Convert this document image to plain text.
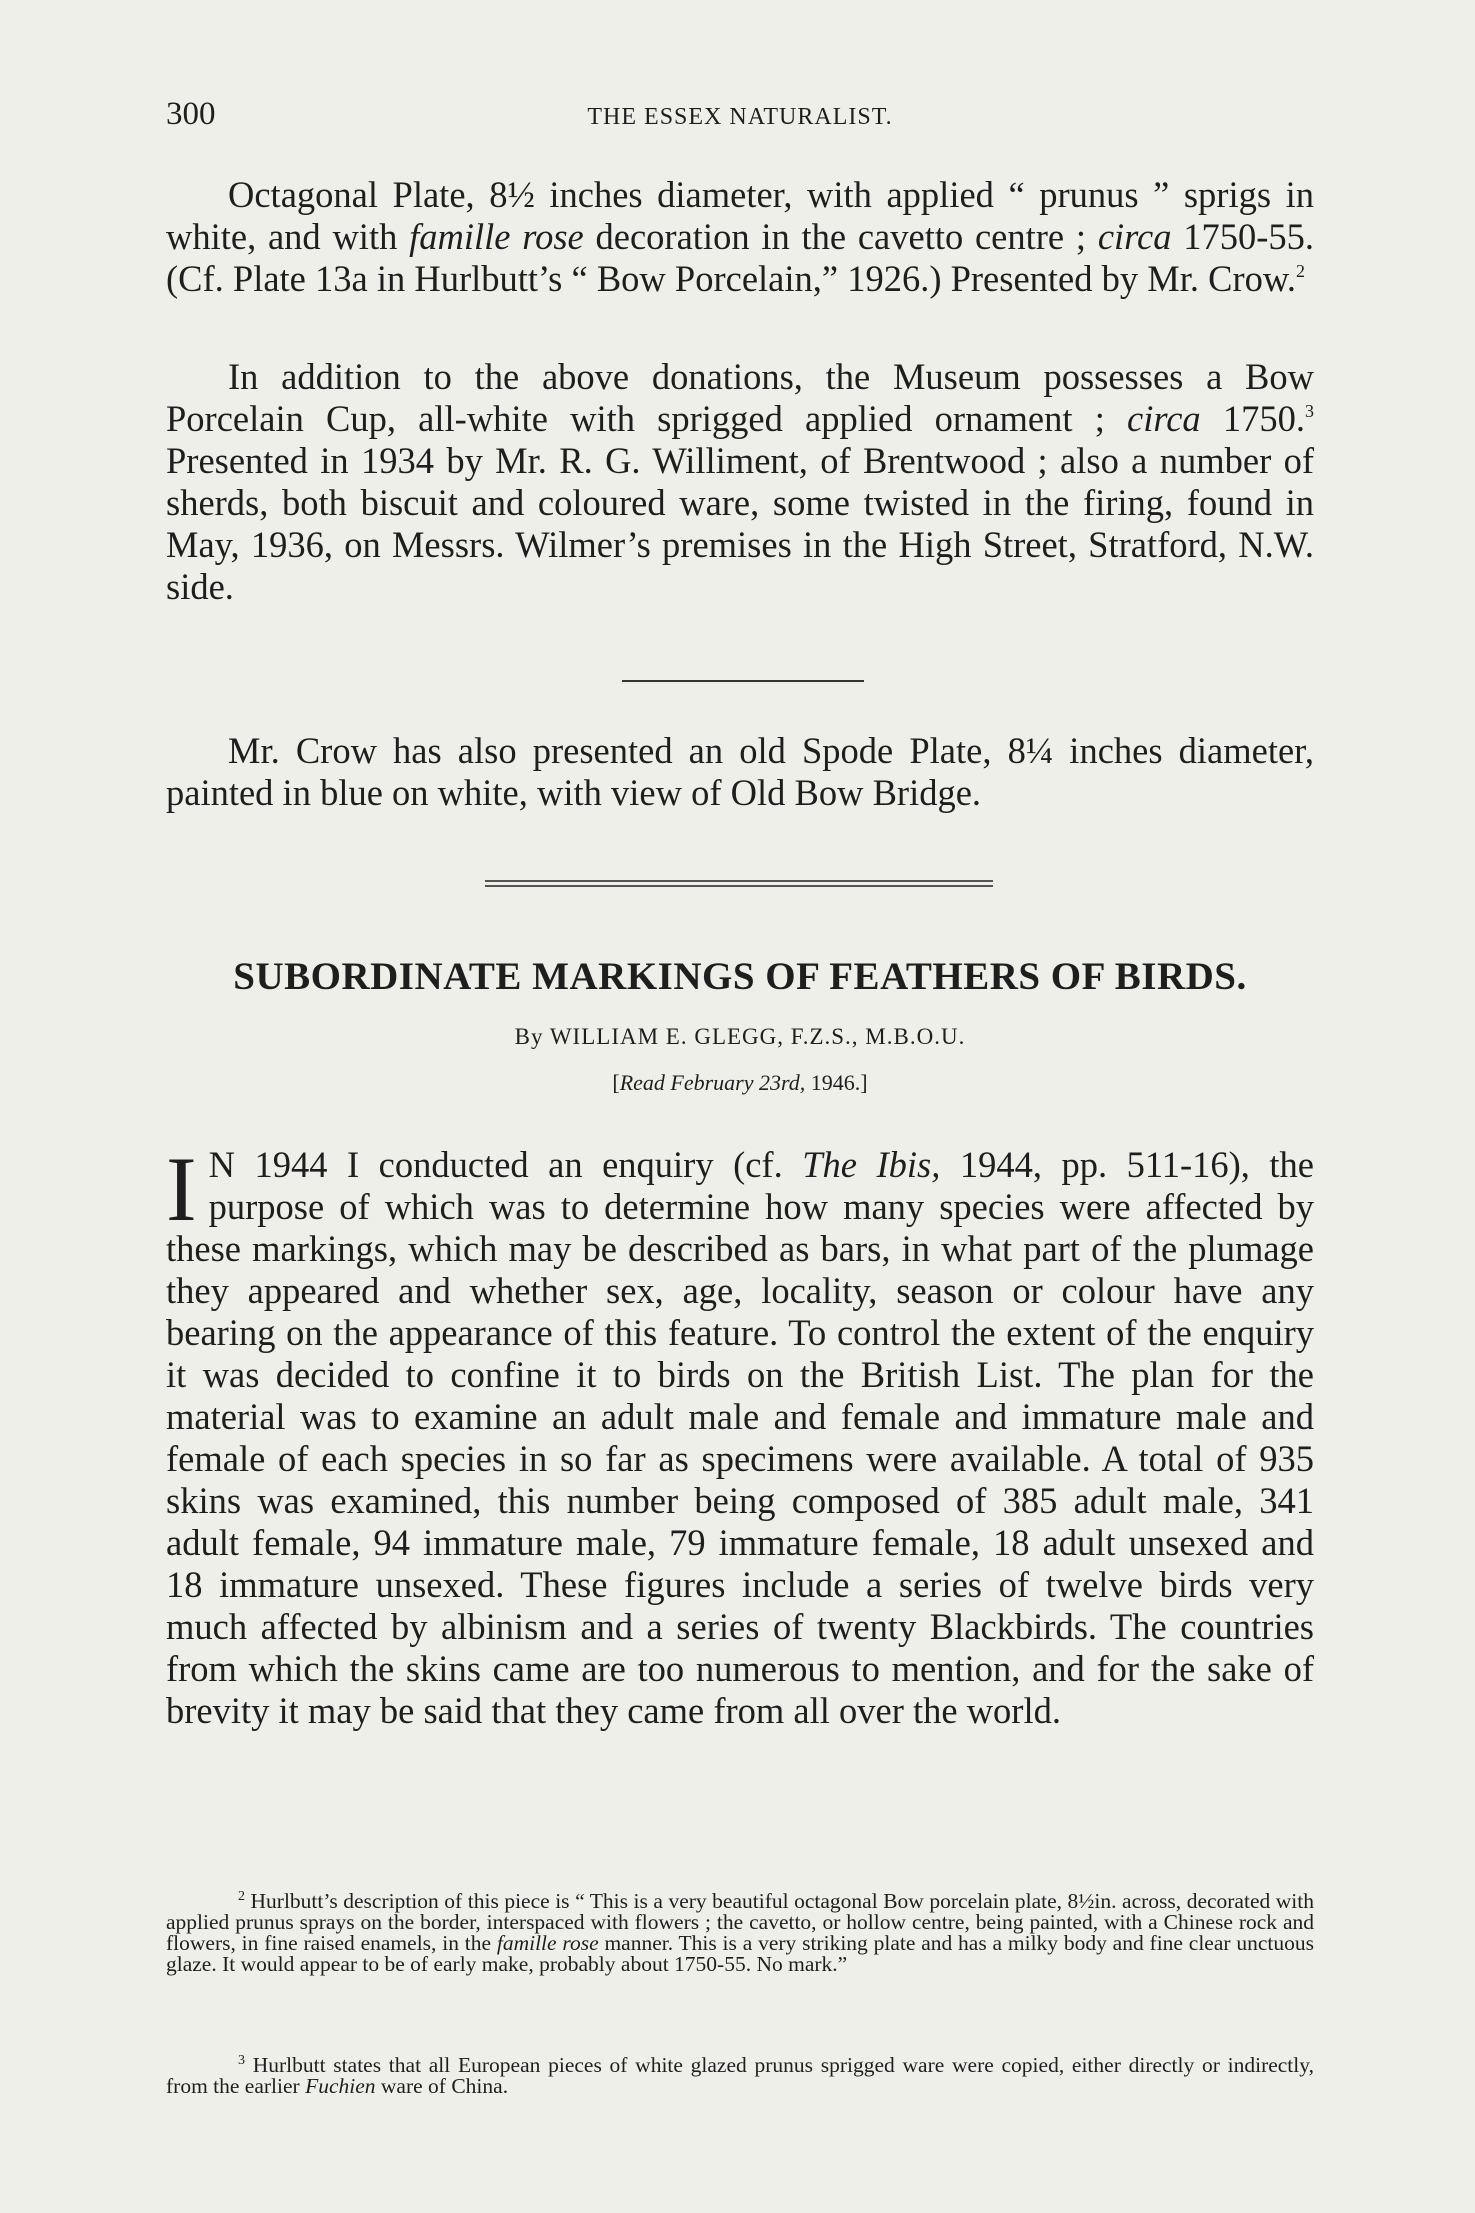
300	THE ESSEX NATURALIST.

Octagonal Plate, 8½ inches diameter, with applied “ prunus ” sprigs in white, and with famille rose decoration in the cavetto centre ; circa 1750-55. (Cf. Plate 13a in Hurlbutt’s “ Bow Porcelain,” 1926.) Presented by Mr. Crow.$^2$

In addition to the above donations, the Museum possesses a Bow Porcelain Cup, all-white with sprigged applied ornament ; circa 1750.$^3$ Presented in 1934 by Mr. R. G. Williment, of Brentwood ; also a number of sherds, both biscuit and coloured ware, some twisted in the firing, found in May, 1936, on Messrs. Wilmer’s premises in the High Street, Stratford, N.W. side.

Mr. Crow has also presented an old Spode Plate, 8¼ inches diameter, painted in blue on white, with view of Old Bow Bridge.

SUBORDINATE MARKINGS OF FEATHERS OF BIRDS.
By WILLIAM E. GLEGG, F.Z.S., M.B.O.U.
[Read February 23rd, 1946.]

I N 1944 I conducted an enquiry (cf. The Ibis, 1944, pp. 511-16), the purpose of which was to determine how many species were affected by these markings, which may be described as bars, in what part of the plumage they appeared and whether sex, age, locality, season or colour have any bearing on the appearance of this feature. To control the extent of the enquiry it was decided to confine it to birds on the British List. The plan for the material was to examine an adult male and female and immature male and female of each species in so far as specimens were available. A total of 935 skins was examined, this number being composed of 385 adult male, 341 adult female, 94 immature male, 79 immature female, 18 adult unsexed and 18 immature unsexed. These figures include a series of twelve birds very much affected by albinism and a series of twenty Blackbirds. The countries from which the skins came are too numerous to mention, and for the sake of brevity it may be said that they came from all over the world.

$^2$ Hurlbutt’s description of this piece is “ This is a very beautiful octagonal Bow porcelain plate, 8½in. across, decorated with applied prunus sprays on the border, interspaced with flowers ; the cavetto, or hollow centre, being painted, with a Chinese rock and flowers, in fine raised enamels, in the famille rose manner. This is a very striking plate and has a milky body and fine clear unctuous glaze. It would appear to be of early make, probably about 1750-55. No mark.”

$^3$ Hurlbutt states that all European pieces of white glazed prunus sprigged ware were copied, either directly or indirectly, from the earlier Fuchien ware of China.
